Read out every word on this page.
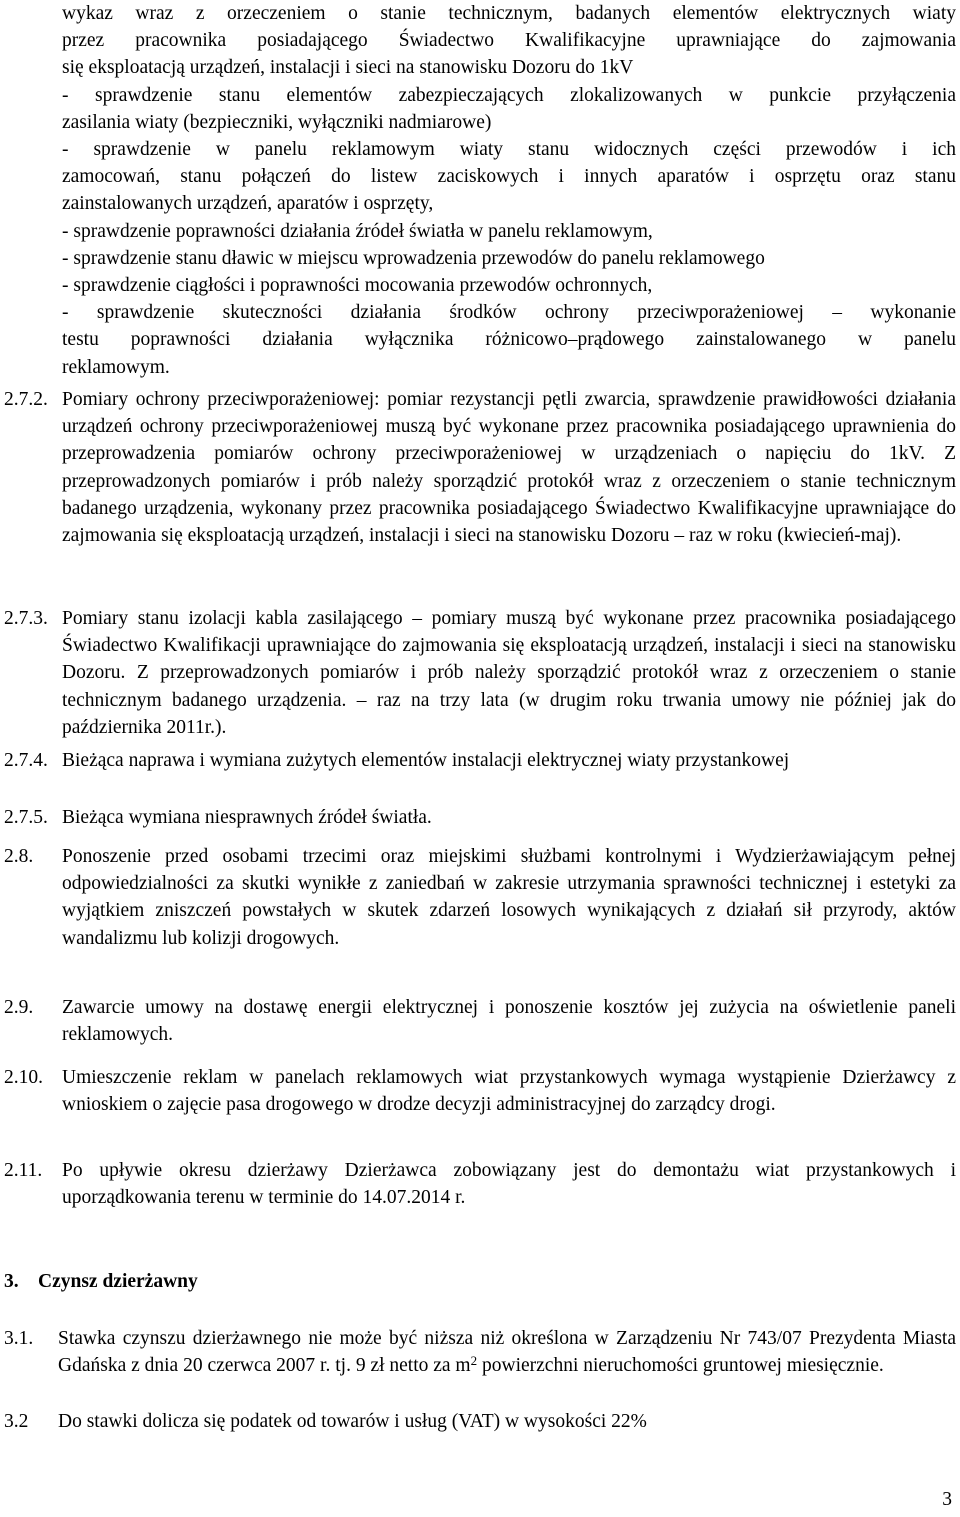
wykaz wraz z orzeczeniem o stanie technicznym, badanych elementów elektrycznych wiaty

przez pracownika posiadającego Świadectwo Kwalifikacyjne uprawniające do zajmowania

się eksploatacją urządzeń, instalacji i sieci na stanowisku Dozoru do 1kV

- sprawdzenie stanu elementów zabezpieczających zlokalizowanych w punkcie przyłączenia

zasilania wiaty (bezpieczniki, wyłączniki nadmiarowe)

- sprawdzenie w panelu reklamowym wiaty stanu widocznych części przewodów i ich

zamocowań, stanu połączeń do listew zaciskowych i innych aparatów i osprzętu oraz stanu

zainstalowanych urządzeń, aparatów i osprzęty,

- sprawdzenie poprawności działania źródeł światła w panelu reklamowym,

- sprawdzenie stanu dławic w miejscu wprowadzenia przewodów do panelu reklamowego

- sprawdzenie ciągłości i poprawności mocowania przewodów ochronnych,

- sprawdzenie skuteczności działania środków ochrony przeciwporażeniowej – wykonanie

testu poprawności działania wyłącznika różnicowo–prądowego zainstalowanego w panelu

reklamowym.

2.7.2. Pomiary ochrony przeciwporażeniowej: pomiar rezystancji pętli zwarcia, sprawdzenie prawidłowości działania urządzeń ochrony przeciwporażeniowej muszą być wykonane przez pracownika posiadającego uprawnienia do przeprowadzenia pomiarów ochrony przeciwporażeniowej w urządzeniach o napięciu do 1kV. Z przeprowadzonych pomiarów i prób należy sporządzić protokół wraz z orzeczeniem o stanie technicznym badanego urządzenia, wykonany przez pracownika posiadającego Świadectwo Kwalifikacyjne uprawniające do zajmowania się eksploatacją urządzeń, instalacji i sieci na stanowisku Dozoru – raz w roku (kwiecień-maj).
2.7.3. Pomiary stanu izolacji kabla zasilającego – pomiary muszą być wykonane przez pracownika posiadającego Świadectwo Kwalifikacji uprawniające do zajmowania się eksploatacją urządzeń, instalacji i sieci na stanowisku Dozoru. Z przeprowadzonych pomiarów i prób należy sporządzić protokół wraz z orzeczeniem o stanie technicznym badanego urządzenia. – raz na trzy lata (w drugim roku trwania umowy nie później jak do października 2011r.).
2.7.4. Bieżąca naprawa i wymiana zużytych elementów instalacji elektrycznej wiaty przystankowej
2.7.5. Bieżąca wymiana niesprawnych źródeł światła.
2.8. Ponoszenie przed osobami trzecimi oraz miejskimi służbami kontrolnymi i Wydzierżawiającym pełnej odpowiedzialności za skutki wynikłe z zaniedbań w zakresie utrzymania sprawności technicznej i estetyki za wyjątkiem zniszczeń powstałych w skutek zdarzeń losowych wynikających z działań sił przyrody, aktów wandalizmu lub kolizji drogowych.
2.9. Zawarcie umowy na dostawę energii elektrycznej i ponoszenie kosztów jej zużycia na oświetlenie paneli reklamowych.
2.10. Umieszczenie reklam w panelach reklamowych wiat przystankowych wymaga wystąpienie Dzierżawcy z wnioskiem o zajęcie pasa drogowego w drodze decyzji administracyjnej do zarządcy drogi.
2.11. Po upływie okresu dzierżawy Dzierżawca zobowiązany jest do demontażu wiat przystankowych i uporządkowania terenu w terminie do 14.07.2014 r.
3. Czynsz dzierżawny
3.1. Stawka czynszu dzierżawnego nie może być niższa niż określona w Zarządzeniu Nr 743/07 Prezydenta Miasta Gdańska z dnia 20 czerwca 2007 r. tj. 9 zł netto za $m^2$ powierzchni nieruchomości gruntowej miesięcznie.
3.2 Do stawki dolicza się podatek od towarów i usług (VAT) w wysokości 22%
3
